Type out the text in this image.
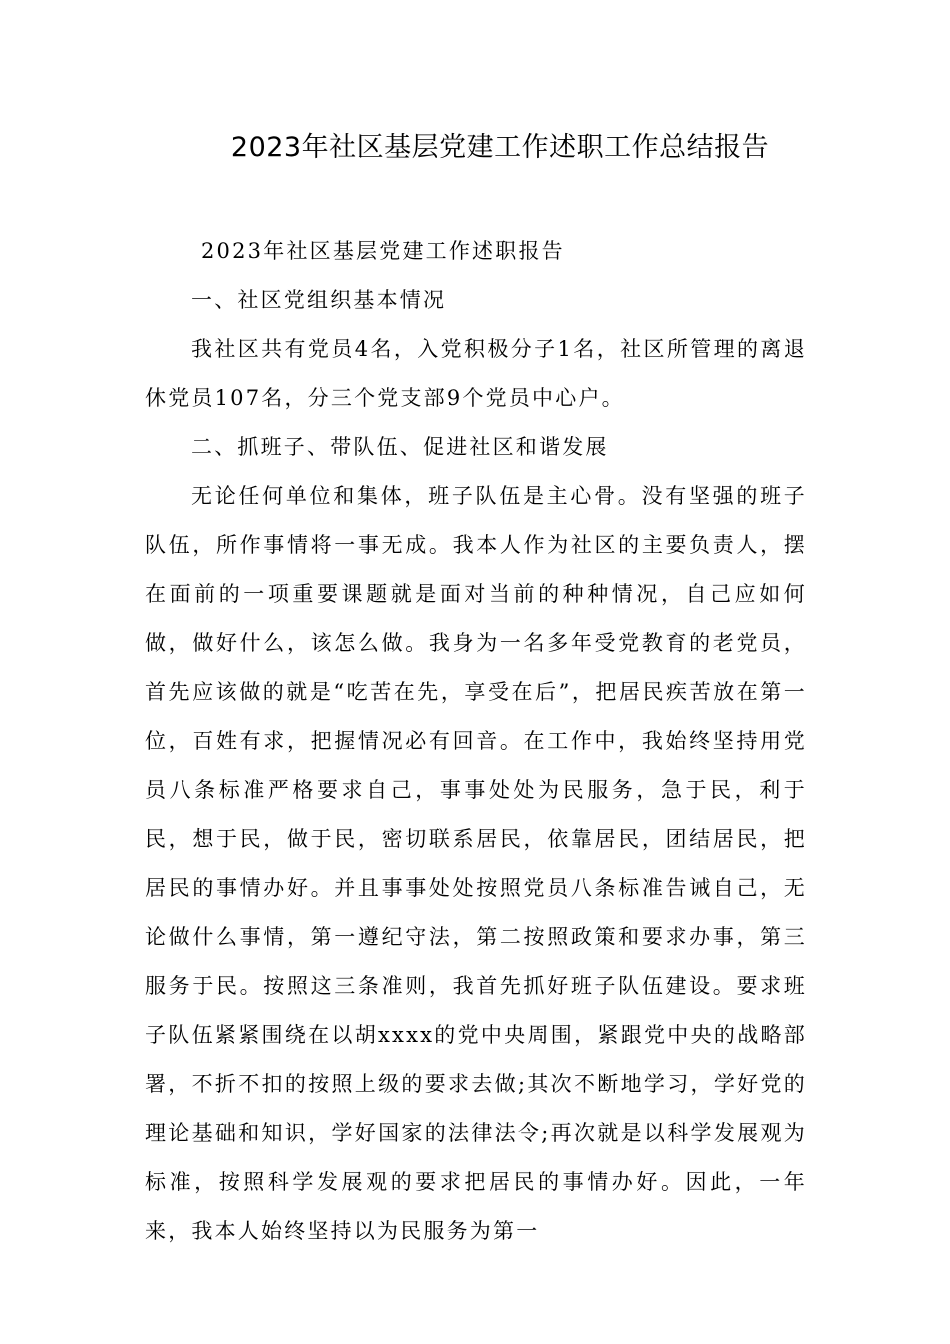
2023年社区基层党建工作述职工作总结报告

2023年社区基层党建工作述职报告

一、社区党组织基本情况

我社区共有党员4名，入党积极分子1名，社区所管理的离退休党员107名，分三个党支部9个党员中心户。

二、抓班子、带队伍、促进社区和谐发展

无论任何单位和集体，班子队伍是主心骨。没有坚强的班子队伍，所作事情将一事无成。我本人作为社区的主要负责人，摆在面前的一项重要课题就是面对当前的种种情况，自己应如何做，做好什么，该怎么做。我身为一名多年受党教育的老党员，首先应该做的就是“吃苦在先，享受在后”，把居民疾苦放在第一位，百姓有求，把握情况必有回音。在工作中，我始终坚持用党员八条标准严格要求自己，事事处处为民服务，急于民，利于民，想于民，做于民，密切联系居民，依靠居民，团结居民，把居民的事情办好。并且事事处处按照党员八条标准告诫自己，无论做什么事情，第一遵纪守法，第二按照政策和要求办事，第三服务于民。按照这三条准则，我首先抓好班子队伍建设。要求班子队伍紧紧围绕在以胡xxxx的党中央周围，紧跟党中央的战略部署，不折不扣的按照上级的要求去做;其次不断地学习，学好党的理论基础和知识，学好国家的法律法令;再次就是以科学发展观为标准，按照科学发展观的要求把居民的事情办好。因此，一年来，我本人始终坚持以为民服务为第一
